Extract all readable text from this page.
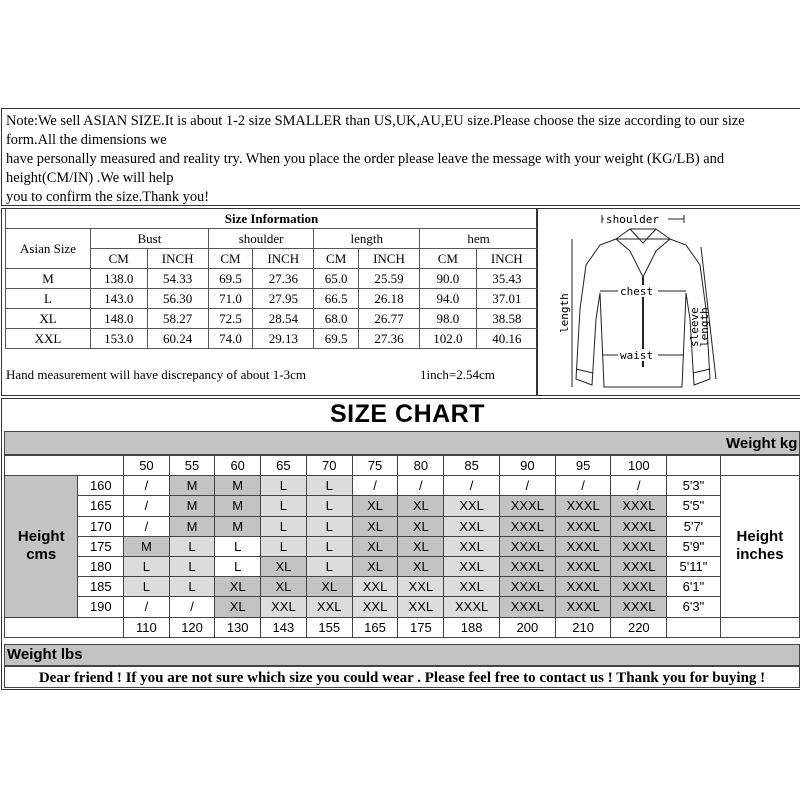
Note:We sell ASIAN SIZE.It is about 1-2 size SMALLER than US,UK,AU,EU size.Please choose the size according to our size
form.All the dimensions we
have personally measured and reality try. When you place the order please leave the message with your weight (KG/LB) and
height(CM/IN) .We will help
you to confirm the size.Thank you!
Size Information								
Asian Size	Bust		shoulder		length		hem	
	CM	INCH	CM	INCH	CM	INCH	CM	INCH
M	138.0	54.33	69.5	27.36	65.0	25.59	90.0	35.43
L	143.0	56.30	71.0	27.95	66.5	26.18	94.0	37.01
XL	148.0	58.27	72.5	28.54	68.0	26.77	98.0	38.58
XXL	153.0	60.24	74.0	29.13	69.5	27.36	102.0	40.16
Hand measurement will have discrepancy of about 1-3cm	1inch=2.54cm
shoulder
chest
waist
length	sleeve
length
SIZE CHART
Weight kg
		50	55	60	65	70	75	80	85	90	95	100		
Height
cms	160	/	M	M	L	L	/	/	/	/	/	/	5'3"	Height
inches
	165	/	M	M	L	L	XL	XL	XXL	XXXL	XXXL	XXXL	5'5"	
	170	/	M	M	L	L	XL	XL	XXL	XXXL	XXXL	XXXL	5'7'	
	175	M	L	L	L	L	XL	XL	XXL	XXXL	XXXL	XXXL	5'9"	
	180	L	L	L	XL	L	XL	XL	XXL	XXXL	XXXL	XXXL	5'11"	
	185	L	L	XL	XL	XL	XXL	XXL	XXL	XXXL	XXXL	XXXL	6'1"	
	190	/	/	XL	XXL	XXL	XXL	XXL	XXXL	XXXL	XXXL	XXXL	6'3"	
		110	120	130	143	155	165	175	188	200	210	220		
Weight lbs
Dear friend ! If you are not sure which size you could wear . Please feel free to contact us ! Thank you for buying !
